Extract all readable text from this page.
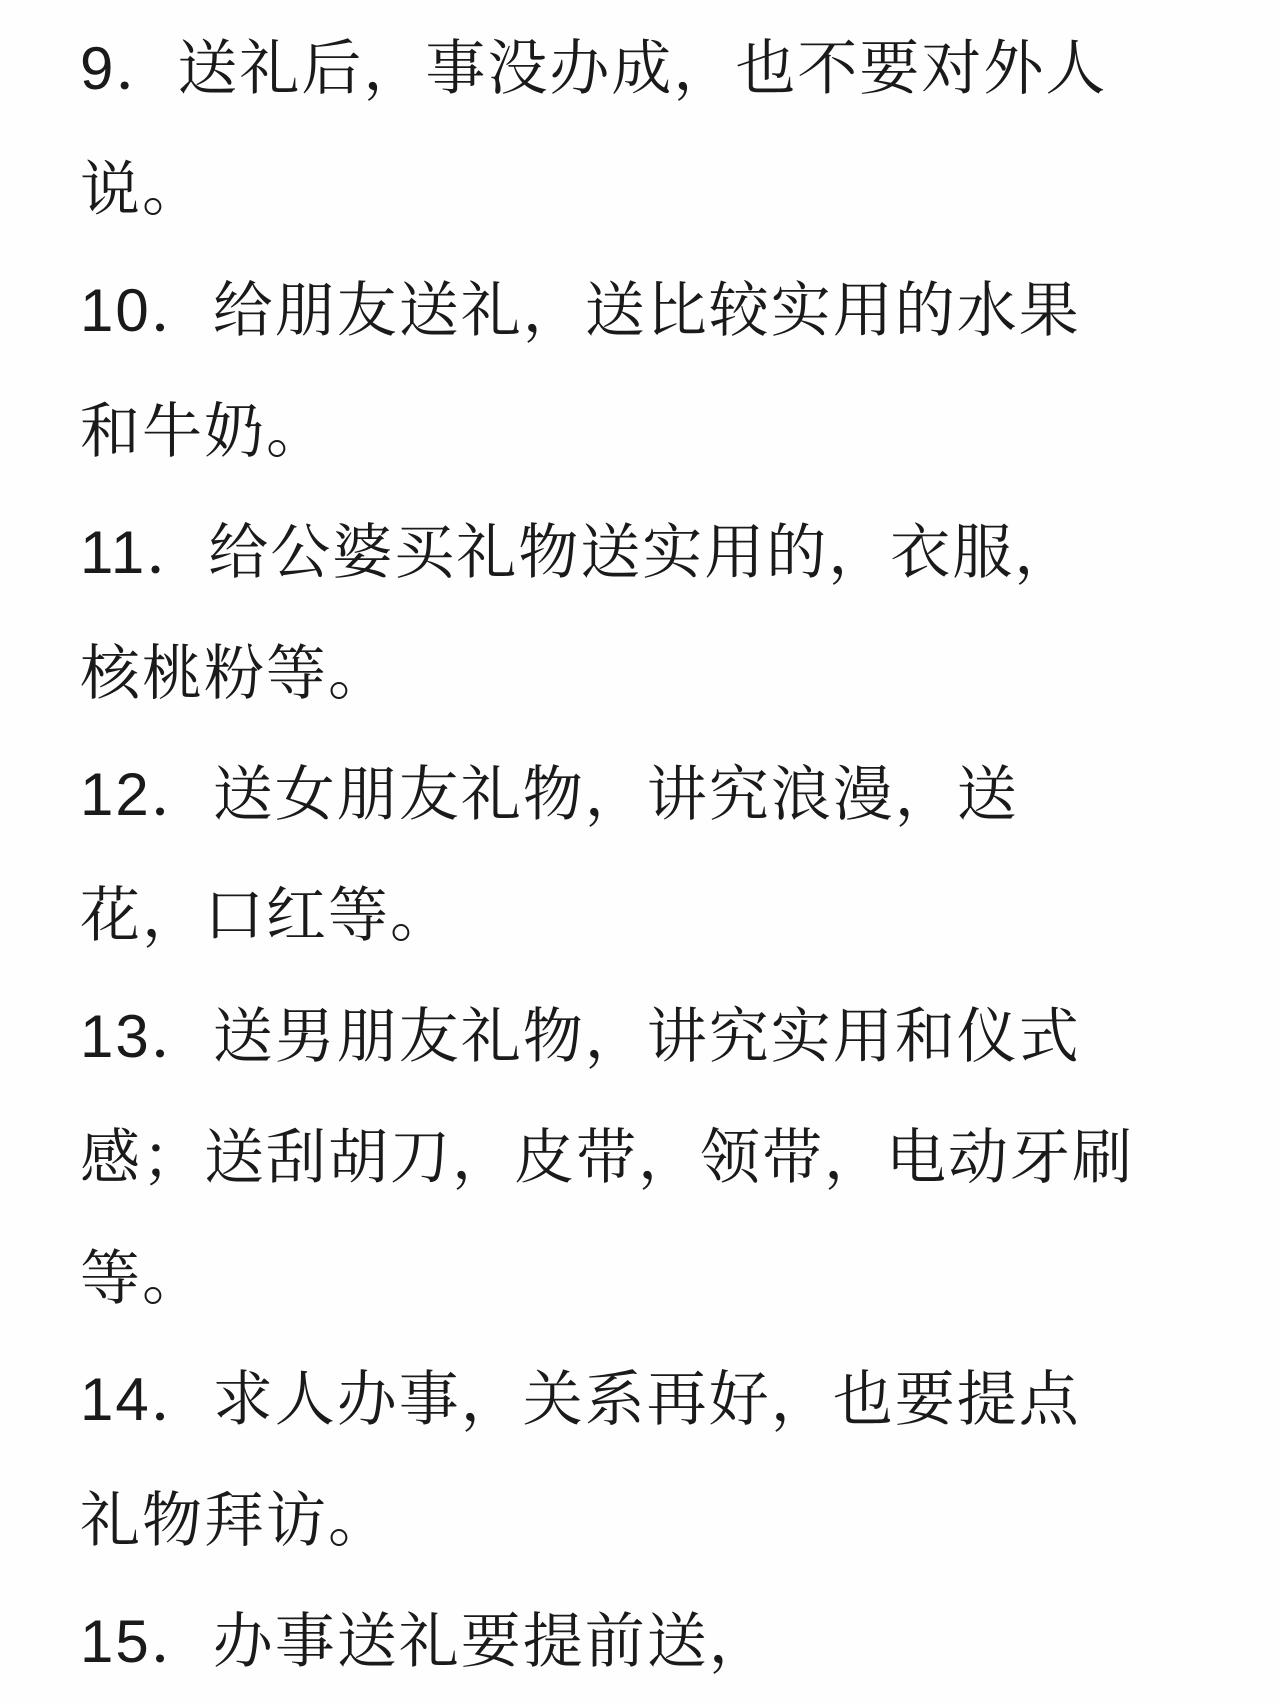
9．送礼后，事没办成，也不要对外人
说。
10．给朋友送礼，送比较实用的水果
和牛奶。
11．给公婆买礼物送实用的，衣服，
核桃粉等。
12．送女朋友礼物，讲究浪漫，送
花，口红等。
13．送男朋友礼物，讲究实用和仪式
感；送刮胡刀，皮带，领带，电动牙刷
等。
14．求人办事，关系再好，也要提点
礼物拜访。
15．办事送礼要提前送，
